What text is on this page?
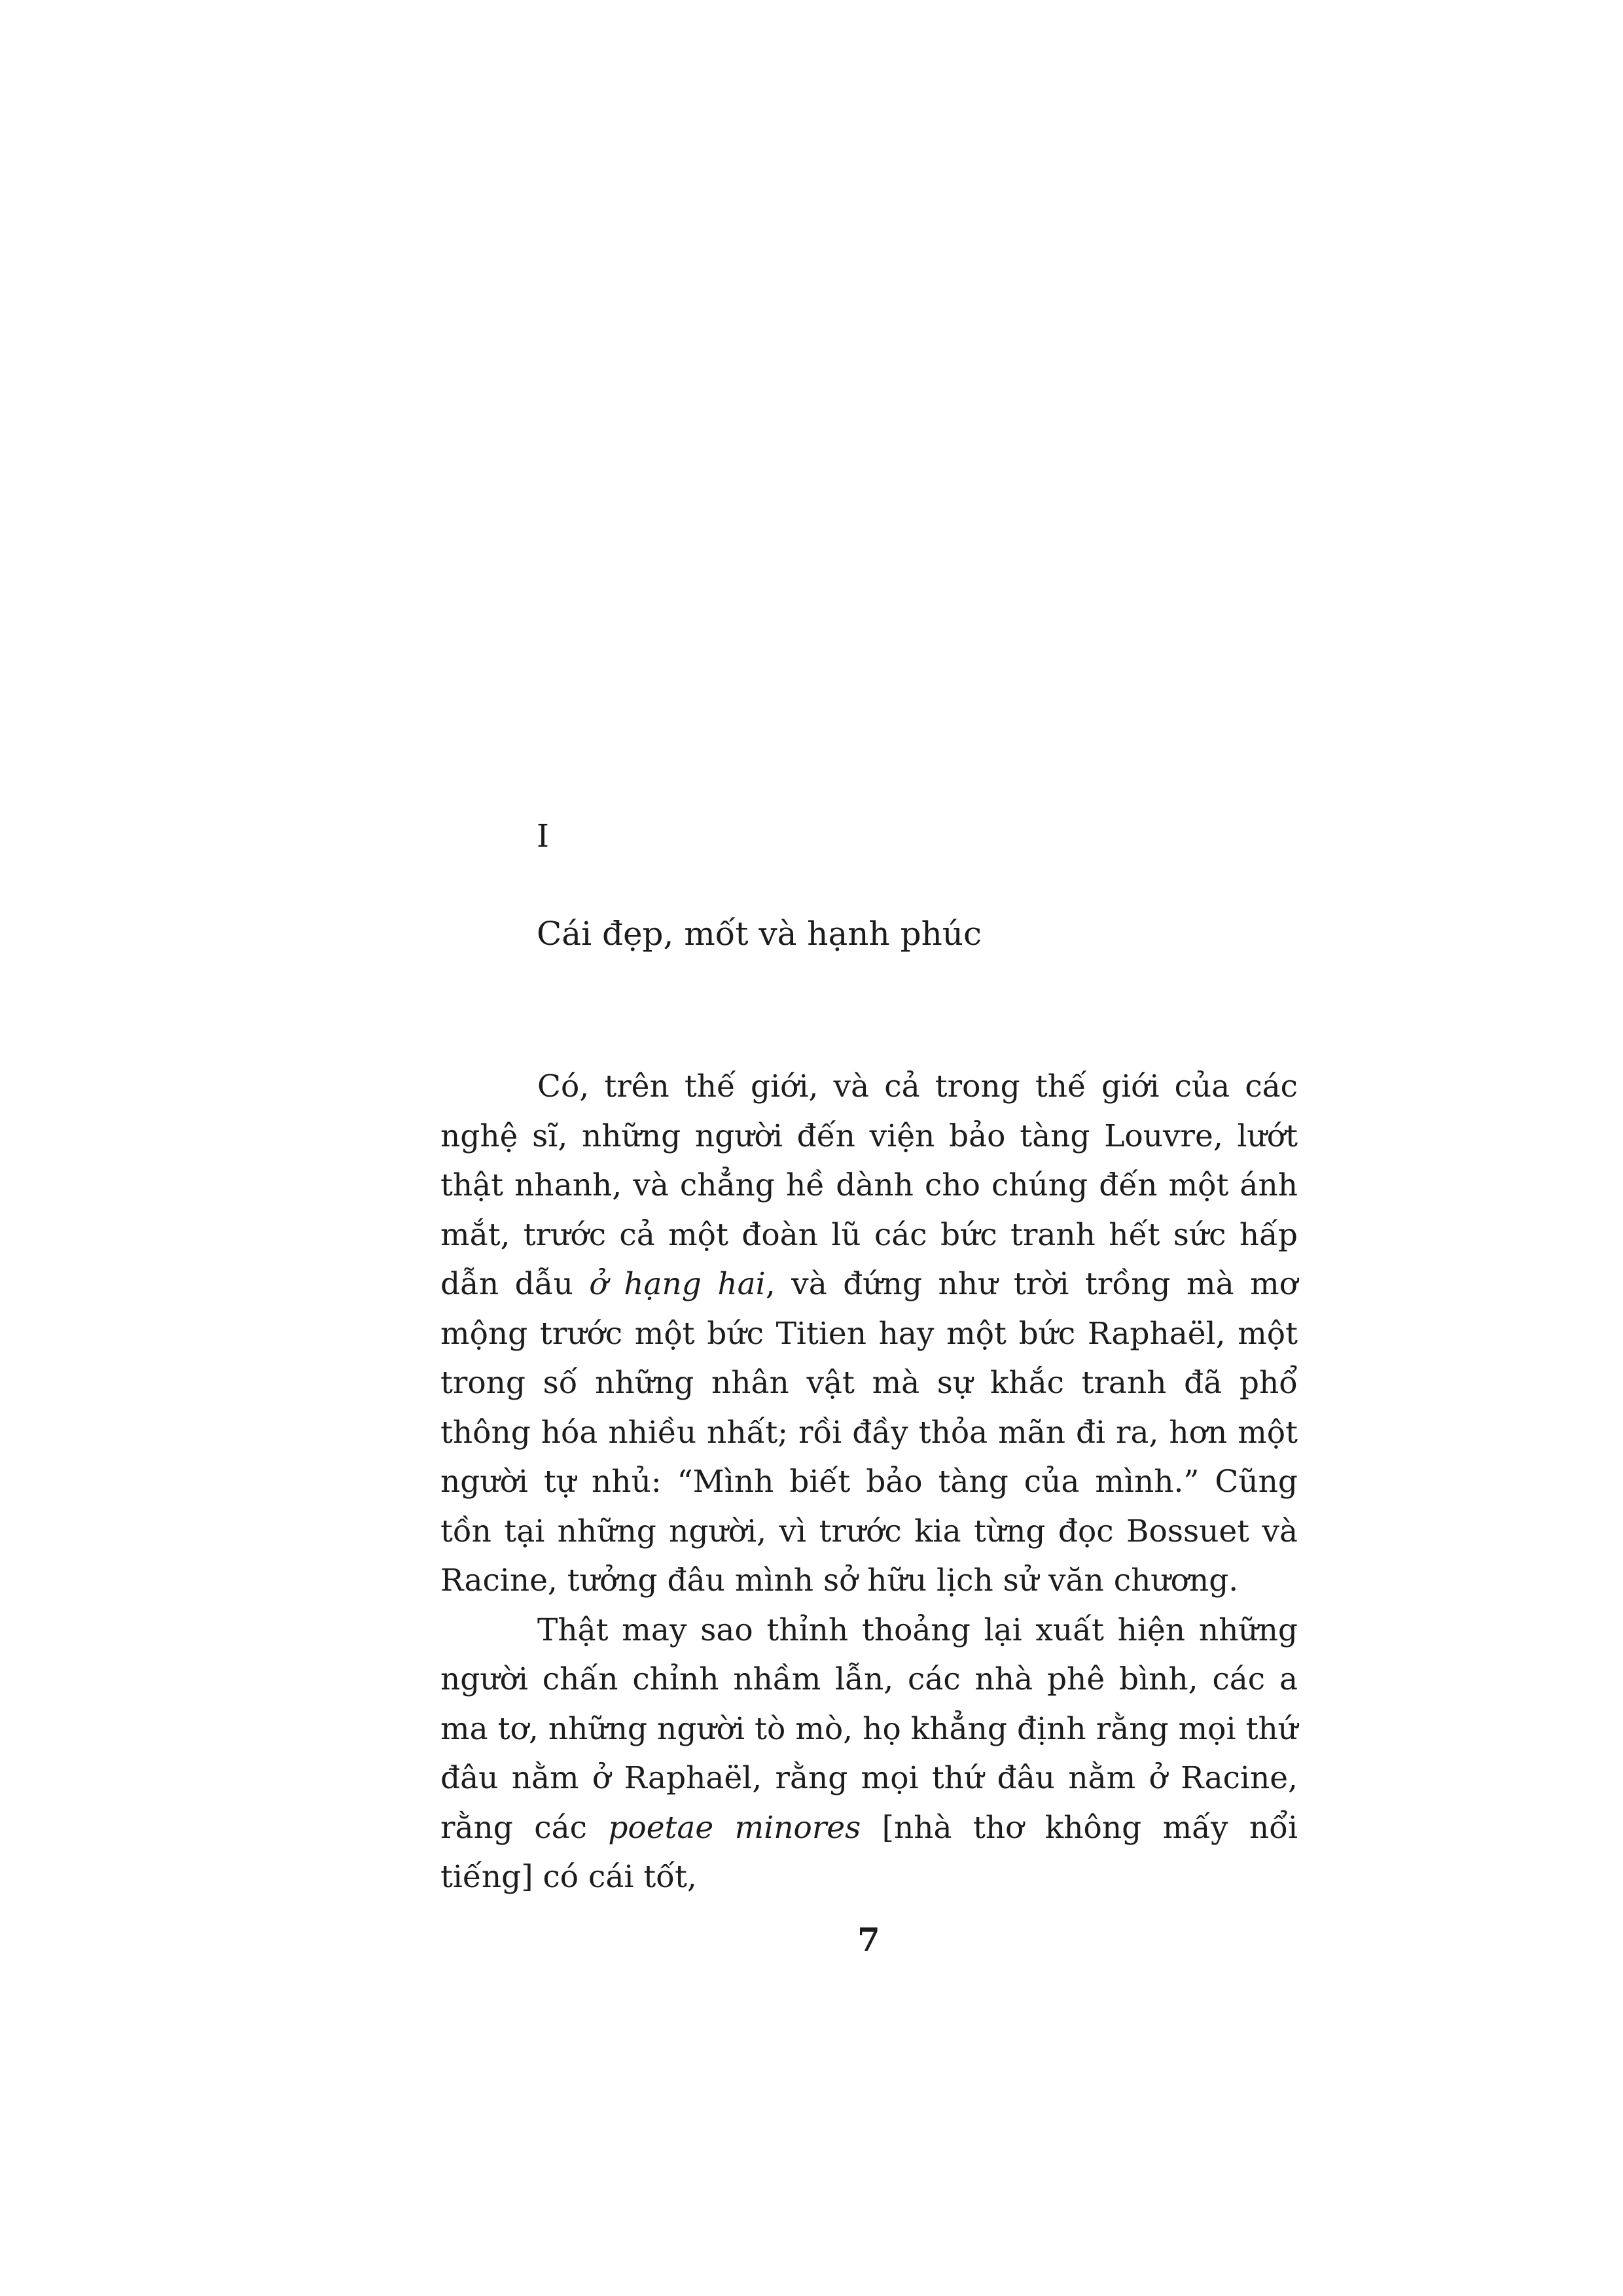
I
Cái đẹp, mốt và hạnh phúc

Có, trên thế giới, và cả trong thế giới của các nghệ sĩ, những người đến viện bảo tàng Louvre, lướt thật nhanh, và chẳng hề dành cho chúng đến một ánh mắt, trước cả một đoàn lũ các bức tranh hết sức hấp dẫn dẫu ở hạng hai, và đứng như trời trồng mà mơ mộng trước một bức Titien hay một bức Raphaël, một trong số những nhân vật mà sự khắc tranh đã phổ thông hóa nhiều nhất; rồi đầy thỏa mãn đi ra, hơn một người tự nhủ: “Mình biết bảo tàng của mình.” Cũng tồn tại những người, vì trước kia từng đọc Bossuet và Racine, tưởng đâu mình sở hữu lịch sử văn chương.

Thật may sao thỉnh thoảng lại xuất hiện những người chấn chỉnh nhầm lẫn, các nhà phê bình, các a ma tơ, những người tò mò, họ khẳng định rằng mọi thứ đâu nằm ở Raphaël, rằng mọi thứ đâu nằm ở Racine, rằng các poetae minores [nhà thơ không mấy nổi tiếng] có cái tốt,

7
